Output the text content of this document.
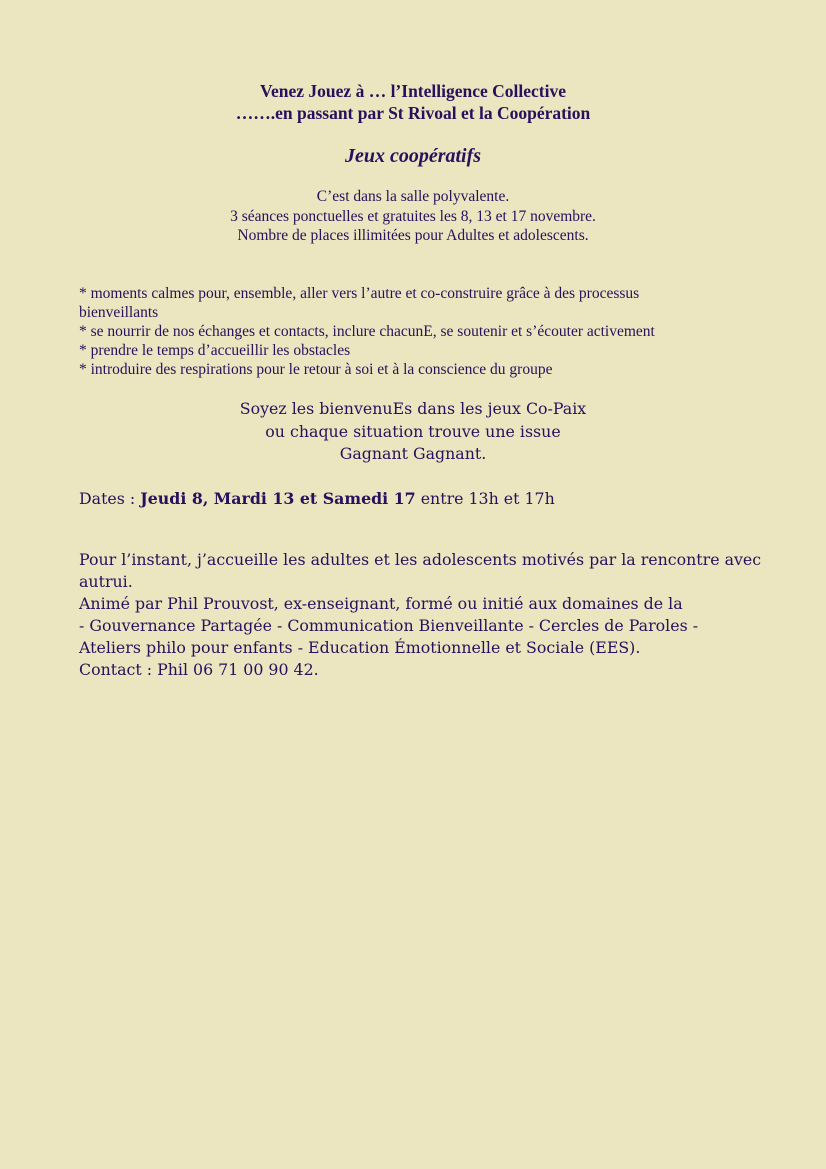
Venez Jouez à … l’Intelligence Collective
…….en passant par St Rivoal et la Coopération
Jeux coopératifs
C’est dans la salle polyvalente.
3 séances ponctuelles et gratuites les 8, 13 et 17 novembre.
Nombre de places illimitées pour Adultes et adolescents.
* moments calmes pour, ensemble, aller vers l’autre et co-construire grâce à des processus bienveillants
* se nourrir de nos échanges et contacts, inclure chacunE, se soutenir et s’écouter activement
* prendre le temps d’accueillir les obstacles
* introduire des respirations pour le retour à soi et à la conscience du groupe
Soyez les bienvenuEs dans les jeux Co-Paix
ou chaque situation trouve une issue
Gagnant Gagnant.
Dates : Jeudi 8, Mardi 13 et Samedi 17 entre 13h et 17h
Pour l’instant, j’accueille les adultes et les adolescents motivés par la rencontre avec
autrui.
Animé par Phil Prouvost, ex-enseignant, formé ou initié aux domaines de la
- Gouvernance Partagée - Communication Bienveillante - Cercles de Paroles -
Ateliers philo pour enfants - Education Émotionnelle et Sociale (EES).
Contact : Phil 06 71 00 90 42.
